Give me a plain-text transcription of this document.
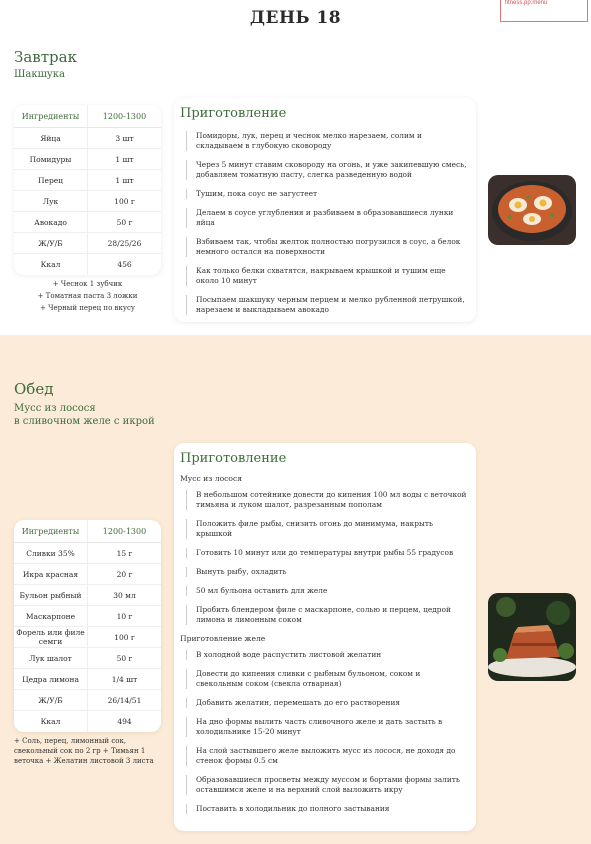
fitness.pp.menu
ДЕНЬ 18
Завтрак
Шакшука
Ингредиенты	1200-1300
Яйца	3 шт
Помидуры	1 шт
Перец	1 шт
Лук	100 г
Авокадо	50 г
Ж/У/Б	28/25/26
Ккал	456
+ Чеснок 1 зубчик
+ Томатная паста 3 ложки
+ Черный перец по вкусу
Приготовление
Помидоры, лук, перец и чеснок мелко нарезаем, солим и складываем в глубокую сковороду
Через 5 минут ставим сковороду на огонь, и уже закипевшую смесь, добавляем томатную пасту, слегка разведенную водой
Тушим, пока соус не загустеет
Делаем в соусе углубления и разбиваем в образовавшиеся лунки яйца
Взбиваем так, чтобы желток полностью погрузился в соус, а белок немного остался на поверхности
Как только белки схватятся, накрываем крышкой и тушим еще около 10 минут
Посыпаем шакшуку черным перцем и мелко рубленной петрушкой, нарезаем и выкладываем авокадо
Обед
Мусс из лосося
в сливочном желе с икрой
Ингредиенты	1200-1300
Сливки 35%	15 г
Икра красная	20 г
Бульон рыбный	30 мл
Маскарпоне	10 г
Форель или филе семги	100 г
Лук шалот	50 г
Цедра лимона	1/4 шт
Ж/У/Б	26/14/51
Ккал	494
+ Соль, перец, лимонный сок, свекольный сок по 2 гр + Тимьян 1 веточка + Желатин листовой 3 листа
Приготовление
Мусс из лосося
В небольшом сотейнике довести до кипения 100 мл воды с веточкой тимьяна и луком шалот, разрезанным пополам
Положить филе рыбы, снизить огонь до минимума, накрыть крышкой
Готовить 10 минут или до температуры внутри рыбы 55 градусов
Вынуть рыбу, охладить
50 мл бульона оставить для желе
Пробить блендером филе с маскарпоне, солью и перцем, цедрой лимона и лимонным соком
Приготовление желе
В холодной воде распустить листовой желатин
Довести до кипения сливки с рыбным бульоном, соком и свекольным соком (свекла отварная)
Добавить желатин, перемешать до его растворения
На дно формы вылить часть сливочного желе и дать застыть в холодильнике 15-20 минут
На слой застывшего желе выложить мусс из лосося, не доходя до стенок формы 0.5 см
Образовавшиеся просветы между муссом и бортами формы залить оставшимся желе и на верхний слой выложить икру
Поставить в холодильник до полного застывания
